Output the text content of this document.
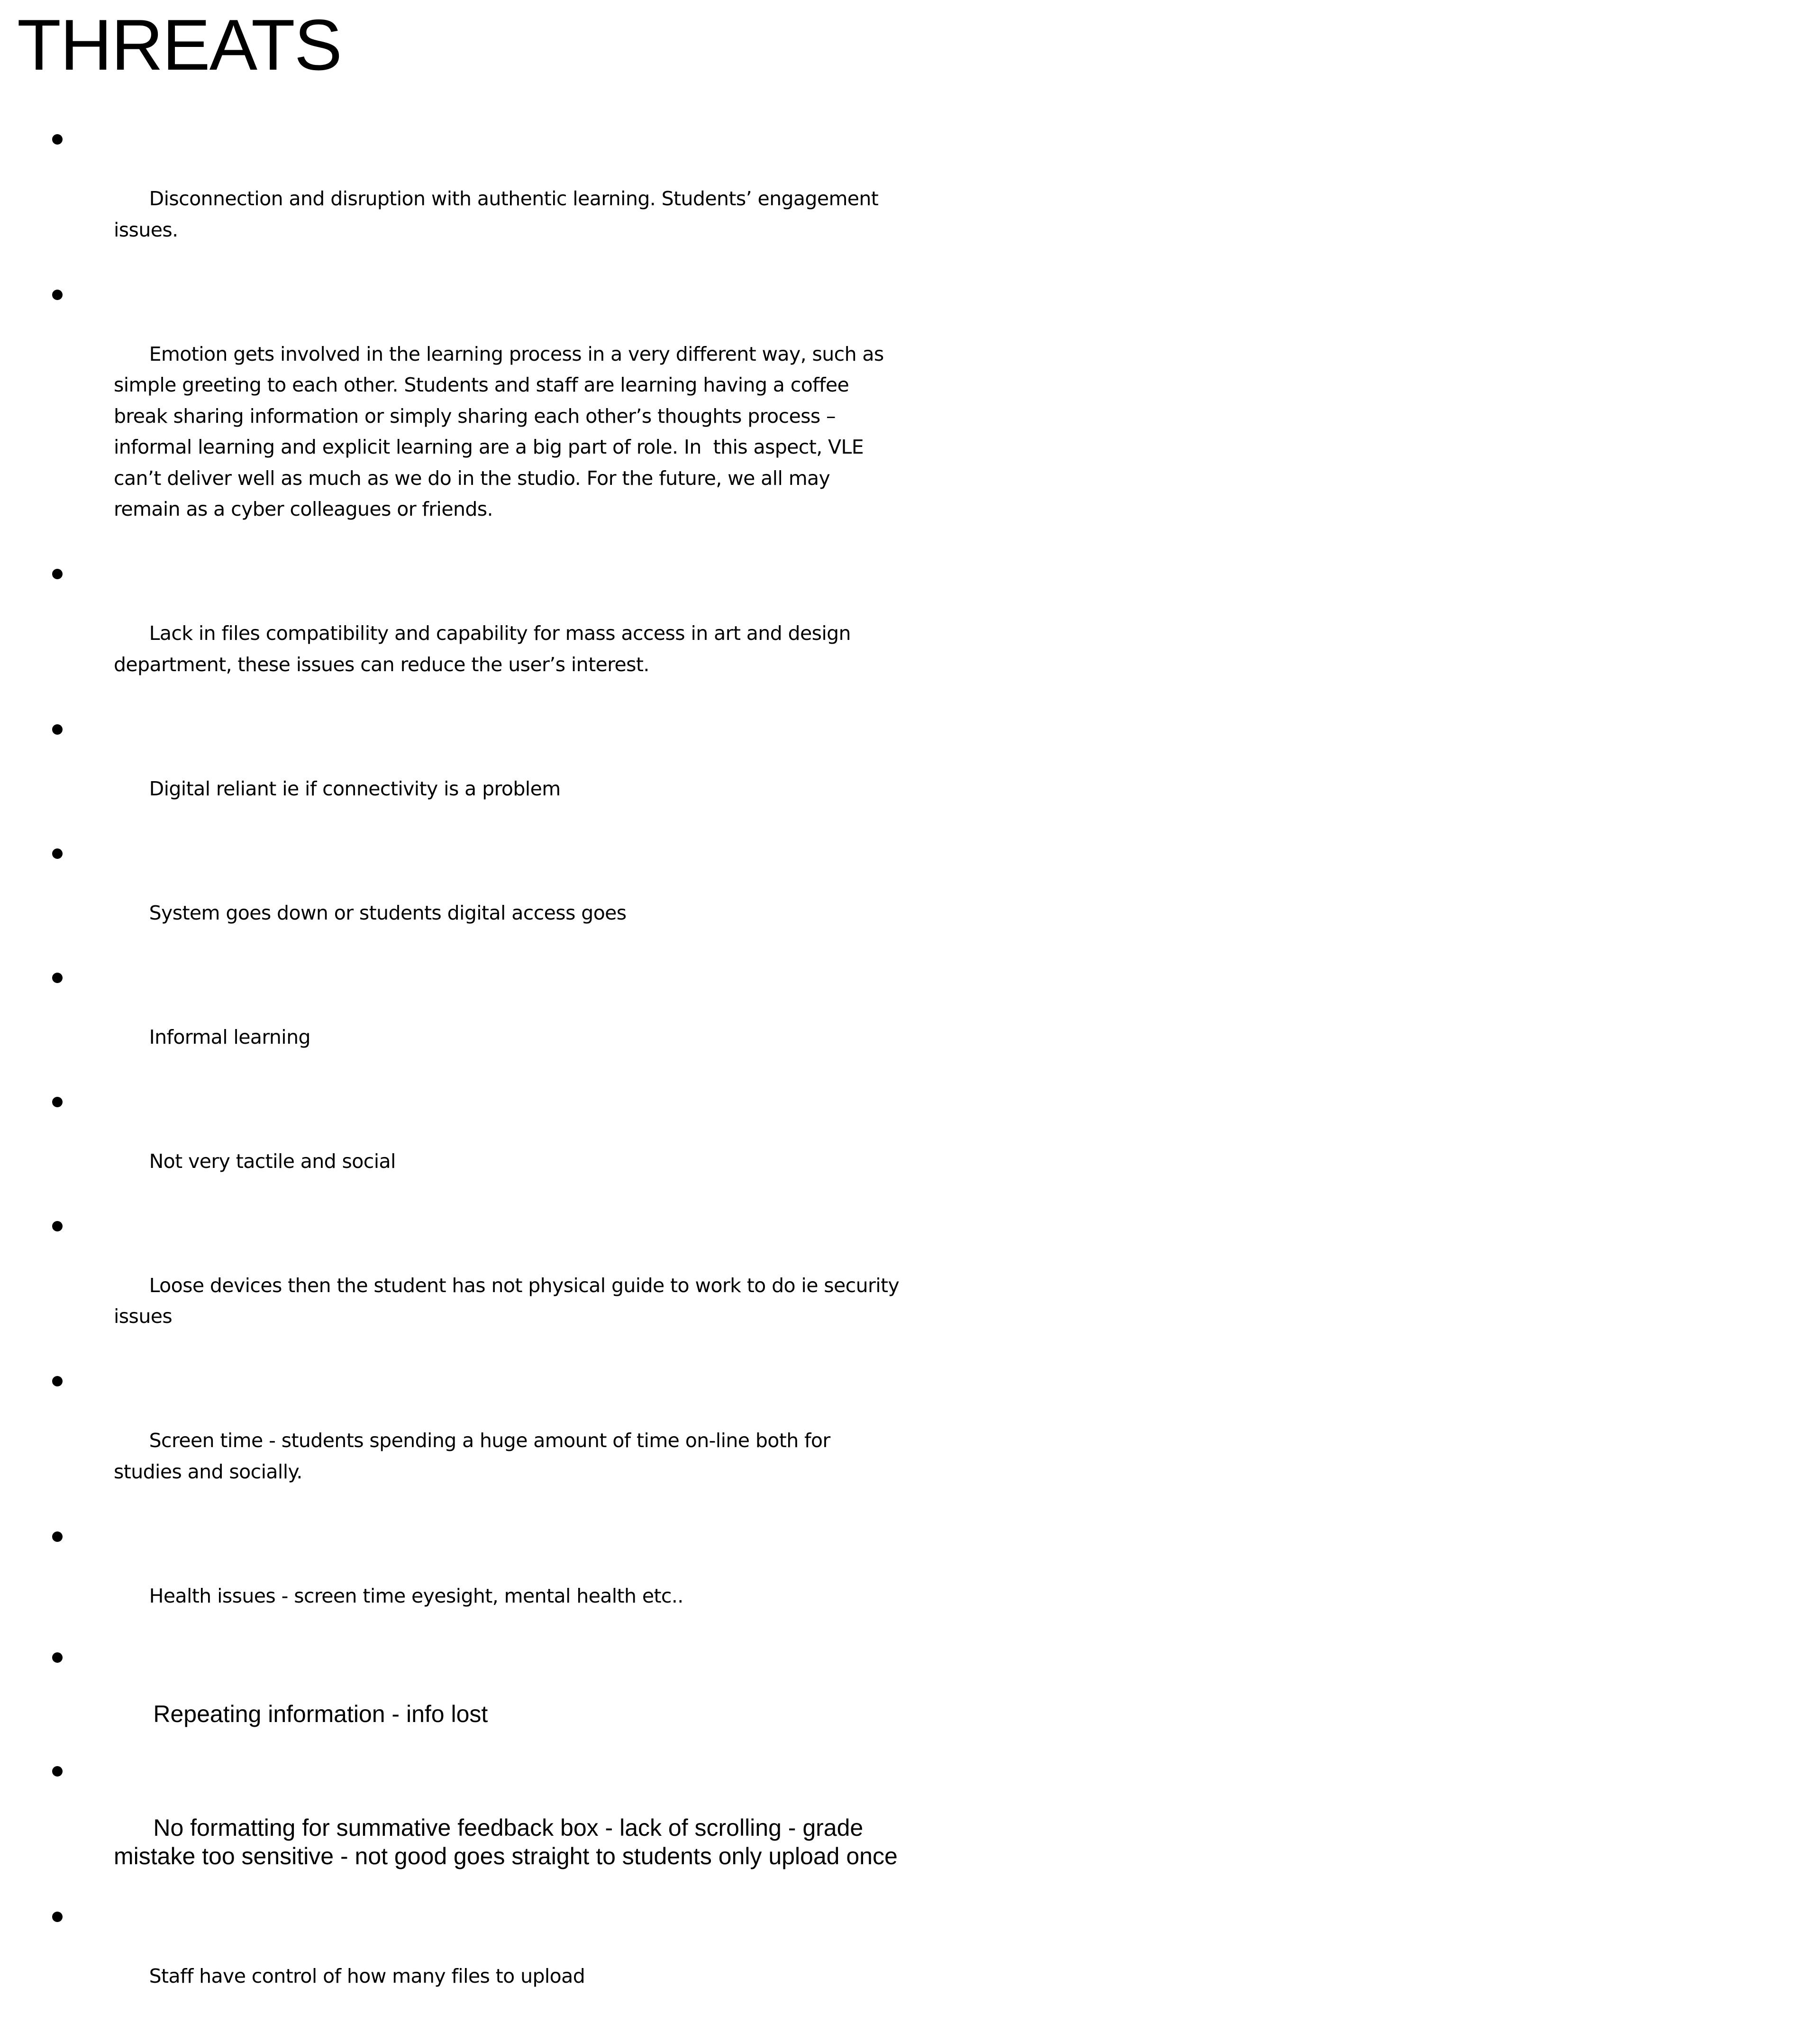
THREATS

Disconnection and disruption with authentic learning. Students’ engagement issues.

Emotion gets involved in the learning process in a very different way, such as simple greeting to each other. Students and staff are learning having a coffee break sharing information or simply sharing each other’s thoughts process –informal learning and explicit learning are a big part of role. In  this aspect, VLE can’t deliver well as much as we do in the studio. For the future, we all may remain as a cyber colleagues or friends.

Lack in files compatibility and capability for mass access in art and design department, these issues can reduce the user’s interest.

Digital reliant ie if connectivity is a problem

System goes down or students digital access goes

Informal learning

Not very tactile and social

Loose devices then the student has not physical guide to work to do ie security issues

Screen time - students spending a huge amount of time on-line both for studies and socially.

Health issues - screen time eyesight, mental health etc..

Repeating information - info lost

No formatting for summative feedback box - lack of scrolling - grade mistake too sensitive - not good goes straight to students only upload once

Staff have control of how many files to upload
